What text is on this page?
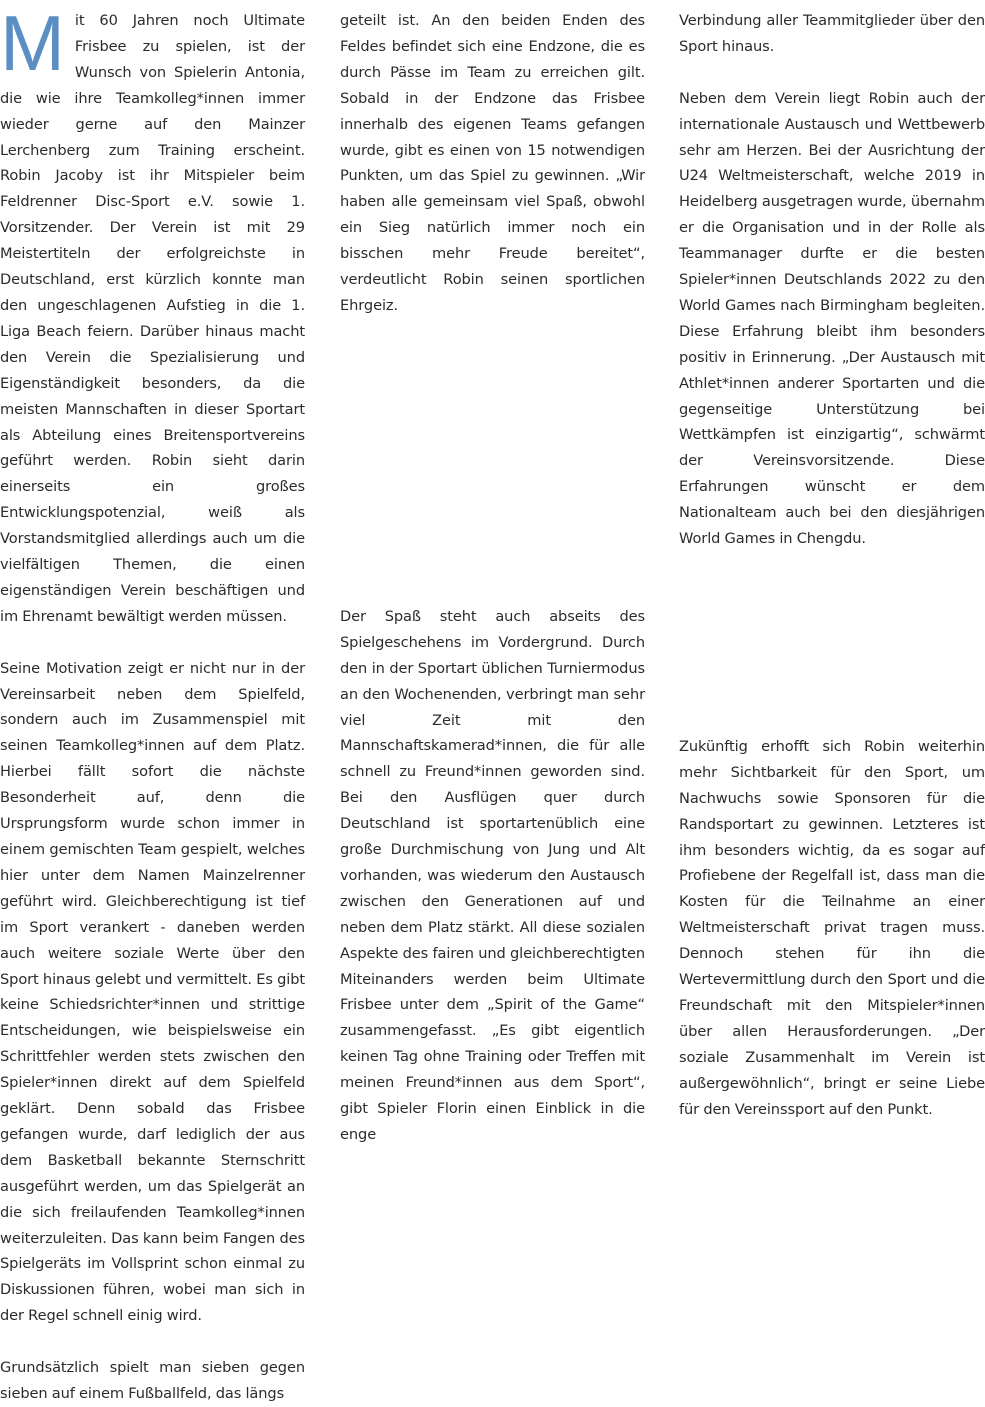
Mit 60 Jahren noch Ultimate Frisbee zu spielen, ist der Wunsch von Spielerin Antonia, die wie ihre Teamkolleg*innen immer wieder gerne auf den Mainzer Lerchenberg zum Training erscheint. Robin Jacoby ist ihr Mitspieler beim Feldrenner Disc-Sport e.V. sowie 1. Vorsitzender. Der Verein ist mit 29 Meistertiteln der erfolgreichste in Deutschland, erst kürzlich konnte man den ungeschlagenen Aufstieg in die 1. Liga Beach feiern. Darüber hinaus macht den Verein die Spezialisierung und Eigenständigkeit besonders, da die meisten Mannschaften in dieser Sportart als Abteilung eines Breitensportvereins geführt werden. Robin sieht darin einerseits ein großes Entwicklungspotenzial, weiß als Vorstandsmitglied allerdings auch um die vielfältigen Themen, die einen eigenständigen Verein beschäftigen und im Ehrenamt bewältigt werden müssen.

Seine Motivation zeigt er nicht nur in der Vereinsarbeit neben dem Spielfeld, sondern auch im Zusammenspiel mit seinen Teamkolleg*innen auf dem Platz. Hierbei fällt sofort die nächste Besonderheit auf, denn die Ursprungsform wurde schon immer in einem gemischten Team gespielt, welches hier unter dem Namen Mainzelrenner geführt wird. Gleichberechtigung ist tief im Sport verankert - daneben werden auch weitere soziale Werte über den Sport hinaus gelebt und vermittelt. Es gibt keine Schiedsrichter*innen und strittige Entscheidungen, wie beispielsweise ein Schrittfehler werden stets zwischen den Spieler*innen direkt auf dem Spielfeld geklärt. Denn sobald das Frisbee gefangen wurde, darf lediglich der aus dem Basketball bekannte Sternschritt ausgeführt werden, um das Spielgerät an die sich freilaufenden Teamkolleg*innen weiterzuleiten. Das kann beim Fangen des Spielgeräts im Vollsprint schon einmal zu Diskussionen führen, wobei man sich in der Regel schnell einig wird.

Grundsätzlich spielt man sieben gegen sieben auf einem Fußballfeld, das längs

geteilt ist. An den beiden Enden des Feldes befindet sich eine Endzone, die es durch Pässe im Team zu erreichen gilt. Sobald in der Endzone das Frisbee innerhalb des eigenen Teams gefangen wurde, gibt es einen von 15 notwendigen Punkten, um das Spiel zu gewinnen. „Wir haben alle gemeinsam viel Spaß, obwohl ein Sieg natürlich immer noch ein bisschen mehr Freude bereitet“, verdeutlicht Robin seinen sportlichen Ehrgeiz.

Der Spaß steht auch abseits des Spielgeschehens im Vordergrund. Durch den in der Sportart üblichen Turniermodus an den Wochenenden, verbringt man sehr viel Zeit mit den Mannschaftskamerad*innen, die für alle schnell zu Freund*innen geworden sind. Bei den Ausflügen quer durch Deutschland ist sportartenüblich eine große Durchmischung von Jung und Alt vorhanden, was wiederum den Austausch zwischen den Generationen auf und neben dem Platz stärkt. All diese sozialen Aspekte des fairen und gleichberechtigten Miteinanders werden beim Ultimate Frisbee unter dem „Spirit of the Game“ zusammengefasst. „Es gibt eigentlich keinen Tag ohne Training oder Treffen mit meinen Freund*innen aus dem Sport“, gibt Spieler Florin einen Einblick in die enge

Verbindung aller Teammitglieder über den Sport hinaus.

Neben dem Verein liegt Robin auch der internationale Austausch und Wettbewerb sehr am Herzen. Bei der Ausrichtung der U24 Weltmeisterschaft, welche 2019 in Heidelberg ausgetragen wurde, übernahm er die Organisation und in der Rolle als Teammanager durfte er die besten Spieler*innen Deutschlands 2022 zu den World Games nach Birmingham begleiten. Diese Erfahrung bleibt ihm besonders positiv in Erinnerung. „Der Austausch mit Athlet*innen anderer Sportarten und die gegenseitige Unterstützung bei Wettkämpfen ist einzigartig“, schwärmt der Vereinsvorsitzende. Diese Erfahrungen wünscht er dem Nationalteam auch bei den diesjährigen World Games in Chengdu.

Zukünftig erhofft sich Robin weiterhin mehr Sichtbarkeit für den Sport, um Nachwuchs sowie Sponsoren für die Randsportart zu gewinnen. Letzteres ist ihm besonders wichtig, da es sogar auf Profiebene der Regelfall ist, dass man die Kosten für die Teilnahme an einer Weltmeisterschaft privat tragen muss. Dennoch stehen für ihn die Wertevermittlung durch den Sport und die Freundschaft mit den Mitspieler*innen über allen Herausforderungen. „Der soziale Zusammenhalt im Verein ist außergewöhnlich“, bringt er seine Liebe für den Vereinssport auf den Punkt.
